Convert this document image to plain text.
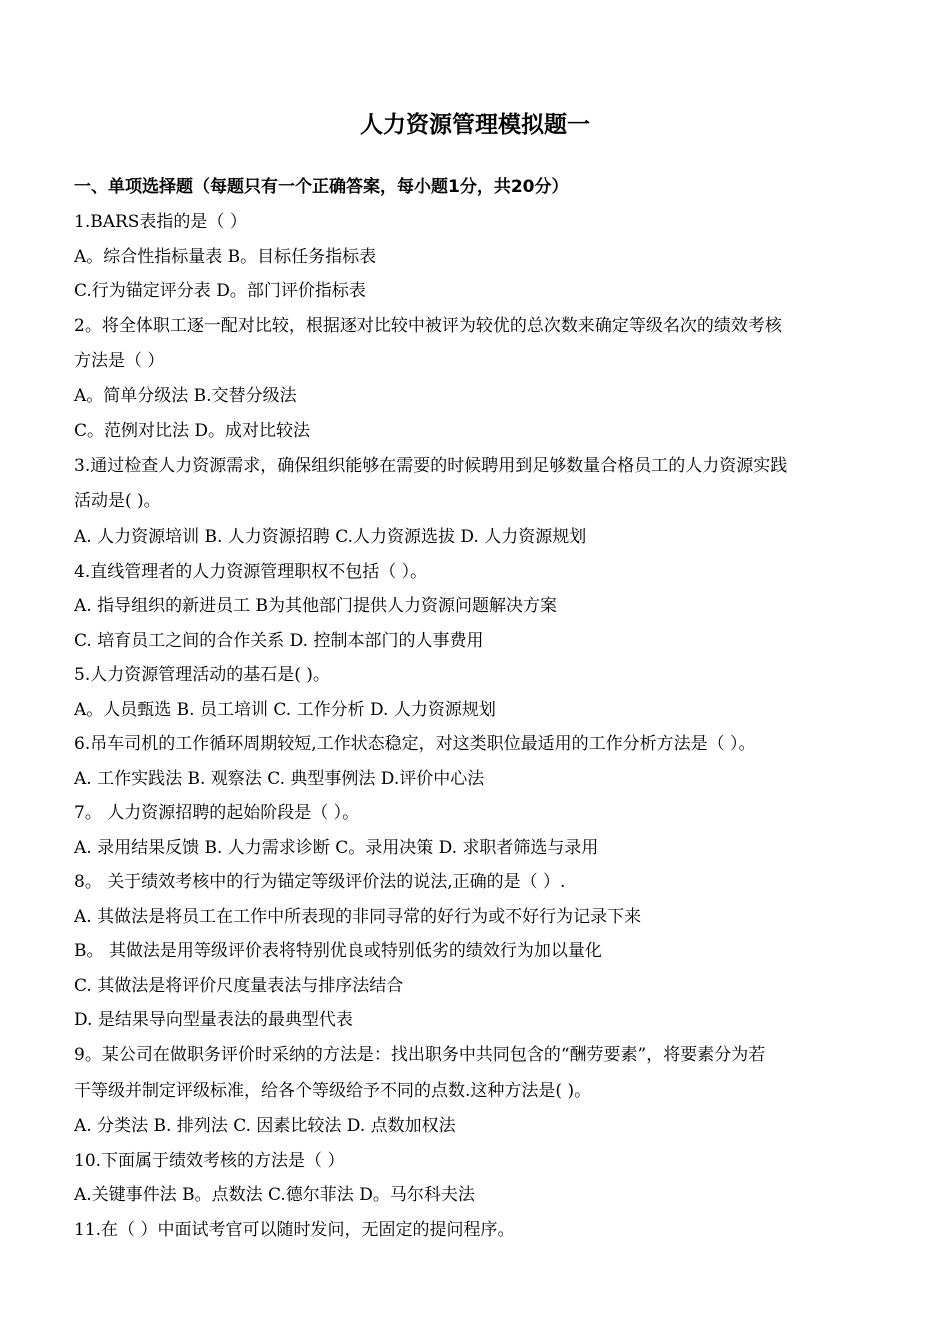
人力资源管理模拟题一
一、单项选择题（每题只有一个正确答案，每小题1分，共20分）
1.BARS表指的是（ ）
A。综合性指标量表 B。目标任务指标表
C.行为锚定评分表 D。部门评价指标表
2。将全体职工逐一配对比较，根据逐对比较中被评为较优的总次数来确定等级名次的绩效考核
方法是（ ）
A。简单分级法 B.交替分级法
C。范例对比法 D。成对比较法
3.通过检查人力资源需求，确保组织能够在需要的时候聘用到足够数量合格员工的人力资源实践
活动是( )。
A. 人力资源培训 B. 人力资源招聘 C.人力资源选拔 D. 人力资源规划
4.直线管理者的人力资源管理职权不包括（ ）。
A. 指导组织的新进员工 B为其他部门提供人力资源问题解决方案
C. 培育员工之间的合作关系 D. 控制本部门的人事费用
5.人力资源管理活动的基石是( )。
A。人员甄选 B. 员工培训 C. 工作分析 D. 人力资源规划
6.吊车司机的工作循环周期较短,工作状态稳定，对这类职位最适用的工作分析方法是（ ）。
A. 工作实践法 B. 观察法 C. 典型事例法 D.评价中心法
7。 人力资源招聘的起始阶段是（ ）。
A. 录用结果反馈 B. 人力需求诊断 C。录用决策 D. 求职者筛选与录用
8。 关于绩效考核中的行为锚定等级评价法的说法,正确的是（ ）.
A. 其做法是将员工在工作中所表现的非同寻常的好行为或不好行为记录下来
B。 其做法是用等级评价表将特别优良或特别低劣的绩效行为加以量化
C. 其做法是将评价尺度量表法与排序法结合
D. 是结果导向型量表法的最典型代表
9。某公司在做职务评价时采纳的方法是：找出职务中共同包含的“酬劳要素”，将要素分为若
干等级并制定评级标准，给各个等级给予不同的点数.这种方法是( )。
A. 分类法 B. 排列法 C. 因素比较法 D. 点数加权法
10.下面属于绩效考核的方法是（ ）
A.关键事件法 B。点数法 C.德尔菲法 D。马尔科夫法
11.在（ ）中面试考官可以随时发问，无固定的提问程序。
